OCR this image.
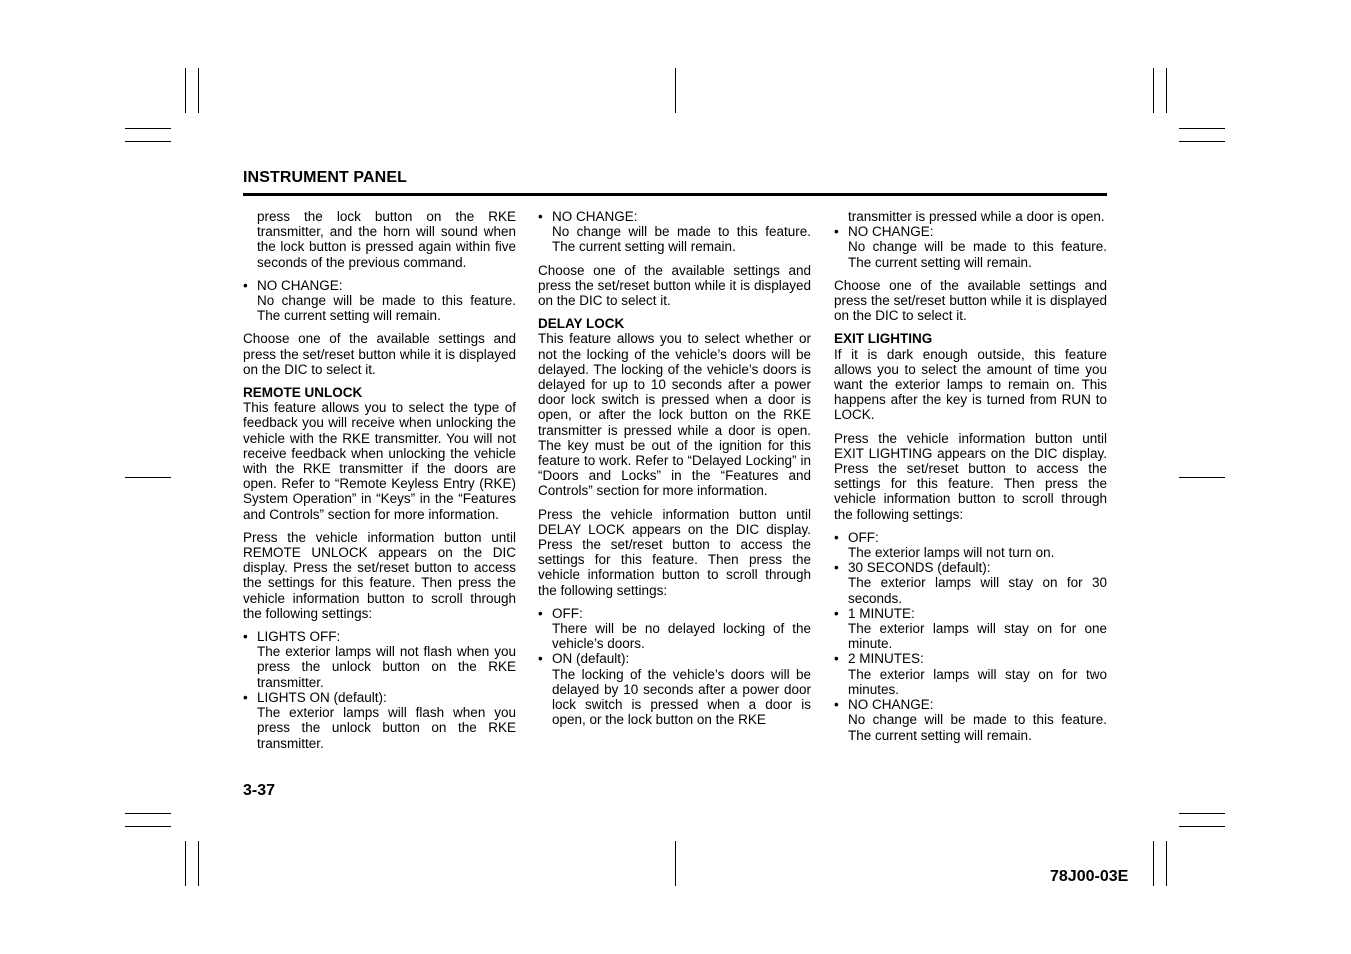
INSTRUMENT PANEL

press the lock button on the RKE transmitter, and the horn will sound when the lock button is pressed again within five seconds of the previous command.

• NO CHANGE:
No change will be made to this feature. The current setting will remain.

Choose one of the available settings and press the set/reset button while it is displayed on the DIC to select it.

REMOTE UNLOCK

This feature allows you to select the type of feedback you will receive when unlocking the vehicle with the RKE transmitter. You will not receive feedback when unlocking the vehicle with the RKE transmitter if the doors are open. Refer to “Remote Keyless Entry (RKE) System Operation” in “Keys” in the “Features and Controls” section for more information.

Press the vehicle information button until REMOTE UNLOCK appears on the DIC display. Press the set/reset button to access the settings for this feature. Then press the vehicle information button to scroll through the following settings:

• LIGHTS OFF:
The exterior lamps will not flash when you press the unlock button on the RKE transmitter.
• LIGHTS ON (default):
The exterior lamps will flash when you press the unlock button on the RKE transmitter.
• NO CHANGE:
No change will be made to this feature. The current setting will remain.

Choose one of the available settings and press the set/reset button while it is displayed on the DIC to select it.

DELAY LOCK

This feature allows you to select whether or not the locking of the vehicle’s doors will be delayed. The locking of the vehicle’s doors is delayed for up to 10 seconds after a power door lock switch is pressed when a door is open, or after the lock button on the RKE transmitter is pressed while a door is open. The key must be out of the ignition for this feature to work. Refer to “Delayed Locking” in “Doors and Locks” in the “Features and Controls” section for more information.

Press the vehicle information button until DELAY LOCK appears on the DIC display. Press the set/reset button to access the settings for this feature. Then press the vehicle information button to scroll through the following settings:

• OFF:
There will be no delayed locking of the vehicle’s doors.
• ON (default):
The locking of the vehicle’s doors will be delayed by 10 seconds after a power door lock switch is pressed when a door is open, or the lock button on the RKE

transmitter is pressed while a door is open.

• NO CHANGE:
No change will be made to this feature. The current setting will remain.

Choose one of the available settings and press the set/reset button while it is displayed on the DIC to select it.

EXIT LIGHTING

If it is dark enough outside, this feature allows you to select the amount of time you want the exterior lamps to remain on. This happens after the key is turned from RUN to LOCK.

Press the vehicle information button until EXIT LIGHTING appears on the DIC display. Press the set/reset button to access the settings for this feature. Then press the vehicle information button to scroll through the following settings:

• OFF:
The exterior lamps will not turn on.
• 30 SECONDS (default):
The exterior lamps will stay on for 30 seconds.
• 1 MINUTE:
The exterior lamps will stay on for one minute.
• 2 MINUTES:
The exterior lamps will stay on for two minutes.
• NO CHANGE:
No change will be made to this feature. The current setting will remain.
3-37
78J00-03E
